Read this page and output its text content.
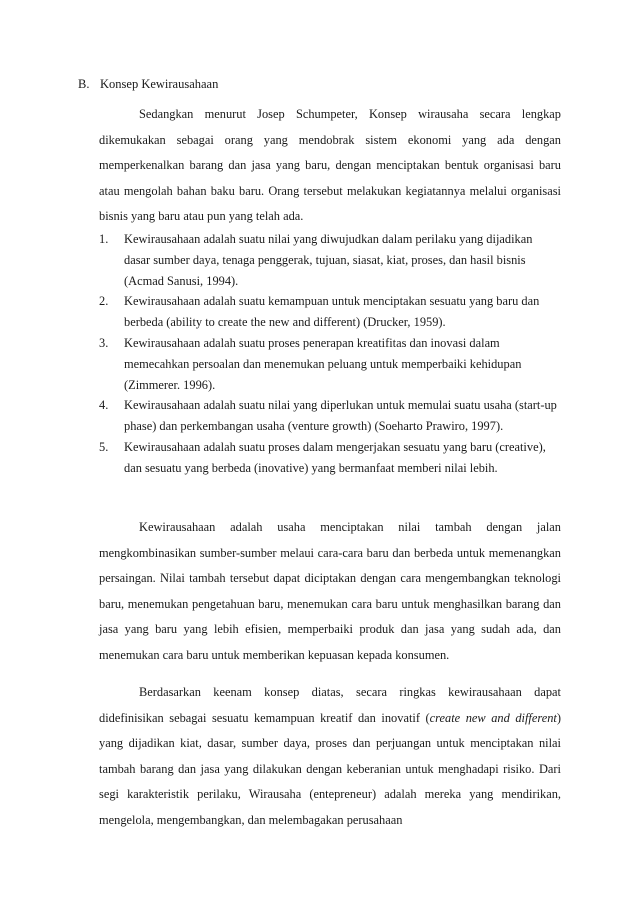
B. Konsep Kewirausahaan

Sedangkan menurut Josep Schumpeter, Konsep wirausaha secara lengkap dikemukakan sebagai orang yang mendobrak sistem ekonomi yang ada dengan memperkenalkan barang dan jasa yang baru, dengan menciptakan bentuk organisasi baru atau mengolah bahan baku baru. Orang tersebut melakukan kegiatannya melalui organisasi bisnis yang baru atau pun yang telah ada.

1. Kewirausahaan adalah suatu nilai yang diwujudkan dalam perilaku yang dijadikan dasar sumber daya, tenaga penggerak, tujuan, siasat, kiat, proses, dan hasil bisnis (Acmad Sanusi, 1994).
2. Kewirausahaan adalah suatu kemampuan untuk menciptakan sesuatu yang baru dan berbeda (ability to create the new and different) (Drucker, 1959).
3. Kewirausahaan adalah suatu proses penerapan kreatifitas dan inovasi dalam memecahkan persoalan dan menemukan peluang untuk memperbaiki kehidupan (Zimmerer. 1996).
4. Kewirausahaan adalah suatu nilai yang diperlukan untuk memulai suatu usaha (start-up phase) dan perkembangan usaha (venture growth) (Soeharto Prawiro, 1997).
5. Kewirausahaan adalah suatu proses dalam mengerjakan sesuatu yang baru (creative), dan sesuatu yang berbeda (inovative) yang bermanfaat memberi nilai lebih.

Kewirausahaan adalah usaha menciptakan nilai tambah dengan jalan mengkombinasikan sumber-sumber melaui cara-cara baru dan berbeda untuk memenangkan persaingan. Nilai tambah tersebut dapat diciptakan dengan cara mengembangkan teknologi baru, menemukan pengetahuan baru, menemukan cara baru untuk menghasilkan barang dan jasa yang baru yang lebih efisien, memperbaiki produk dan jasa yang sudah ada, dan menemukan cara baru untuk memberikan kepuasan kepada konsumen.

Berdasarkan keenam konsep diatas, secara ringkas kewirausahaan dapat didefinisikan sebagai sesuatu kemampuan kreatif dan inovatif (create new and different) yang dijadikan kiat, dasar, sumber daya, proses dan perjuangan untuk menciptakan nilai tambah barang dan jasa yang dilakukan dengan keberanian untuk menghadapi risiko. Dari segi karakteristik perilaku, Wirausaha (entepreneur) adalah mereka yang mendirikan, mengelola, mengembangkan, dan melembagakan perusahaan
